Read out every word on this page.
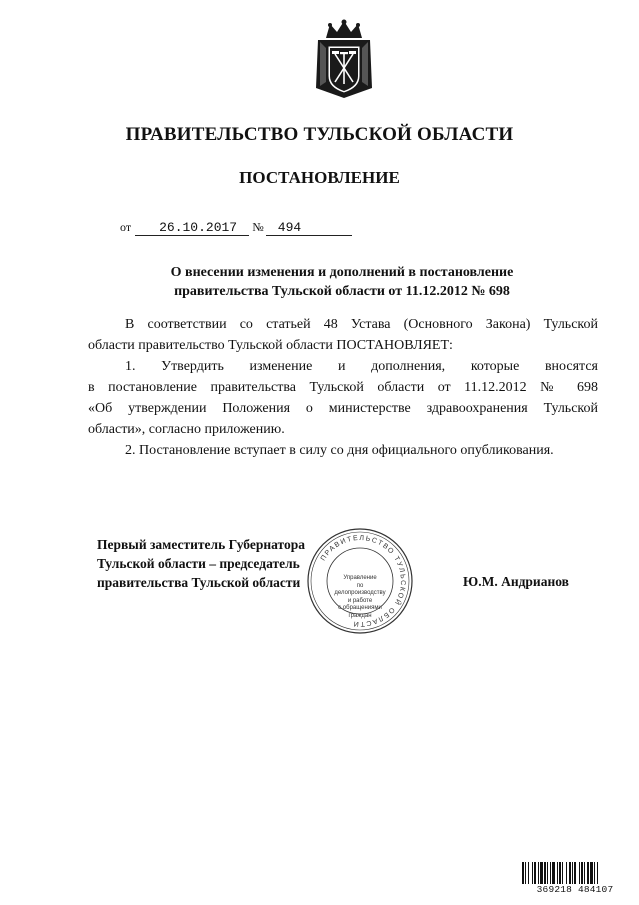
ПРАВИТЕЛЬСТВО ТУЛЬСКОЙ ОБЛАСТИ
ПОСТАНОВЛЕНИЕ
от 26.10.2017 № 494
О внесении изменения и дополнений в постановление
правительства Тульской области от 11.12.2012 № 698

В соответствии со статьей 48 Устава (Основного Закона) Тульской

области правительство Тульской области ПОСТАНОВЛЯЕТ:

1. Утвердить изменение и дополнения, которые вносятся

в постановление правительства Тульской области от 11.12.2012 № 698

«Об утверждении Положения о министерстве здравоохранения Тульской

области», согласно приложению.

2. Постановление вступает в силу со дня официального опубликования.

Первый заместитель Губернатора
Тульской области – председатель
правительства Тульской области	Ю.М. Андрианов
ПРАВИТЕЛЬСТВО ТУЛЬСКОЙ ОБЛАСТИ
Управление
по делопроизводству
и работе
с обращениями
граждан
369218 484107
